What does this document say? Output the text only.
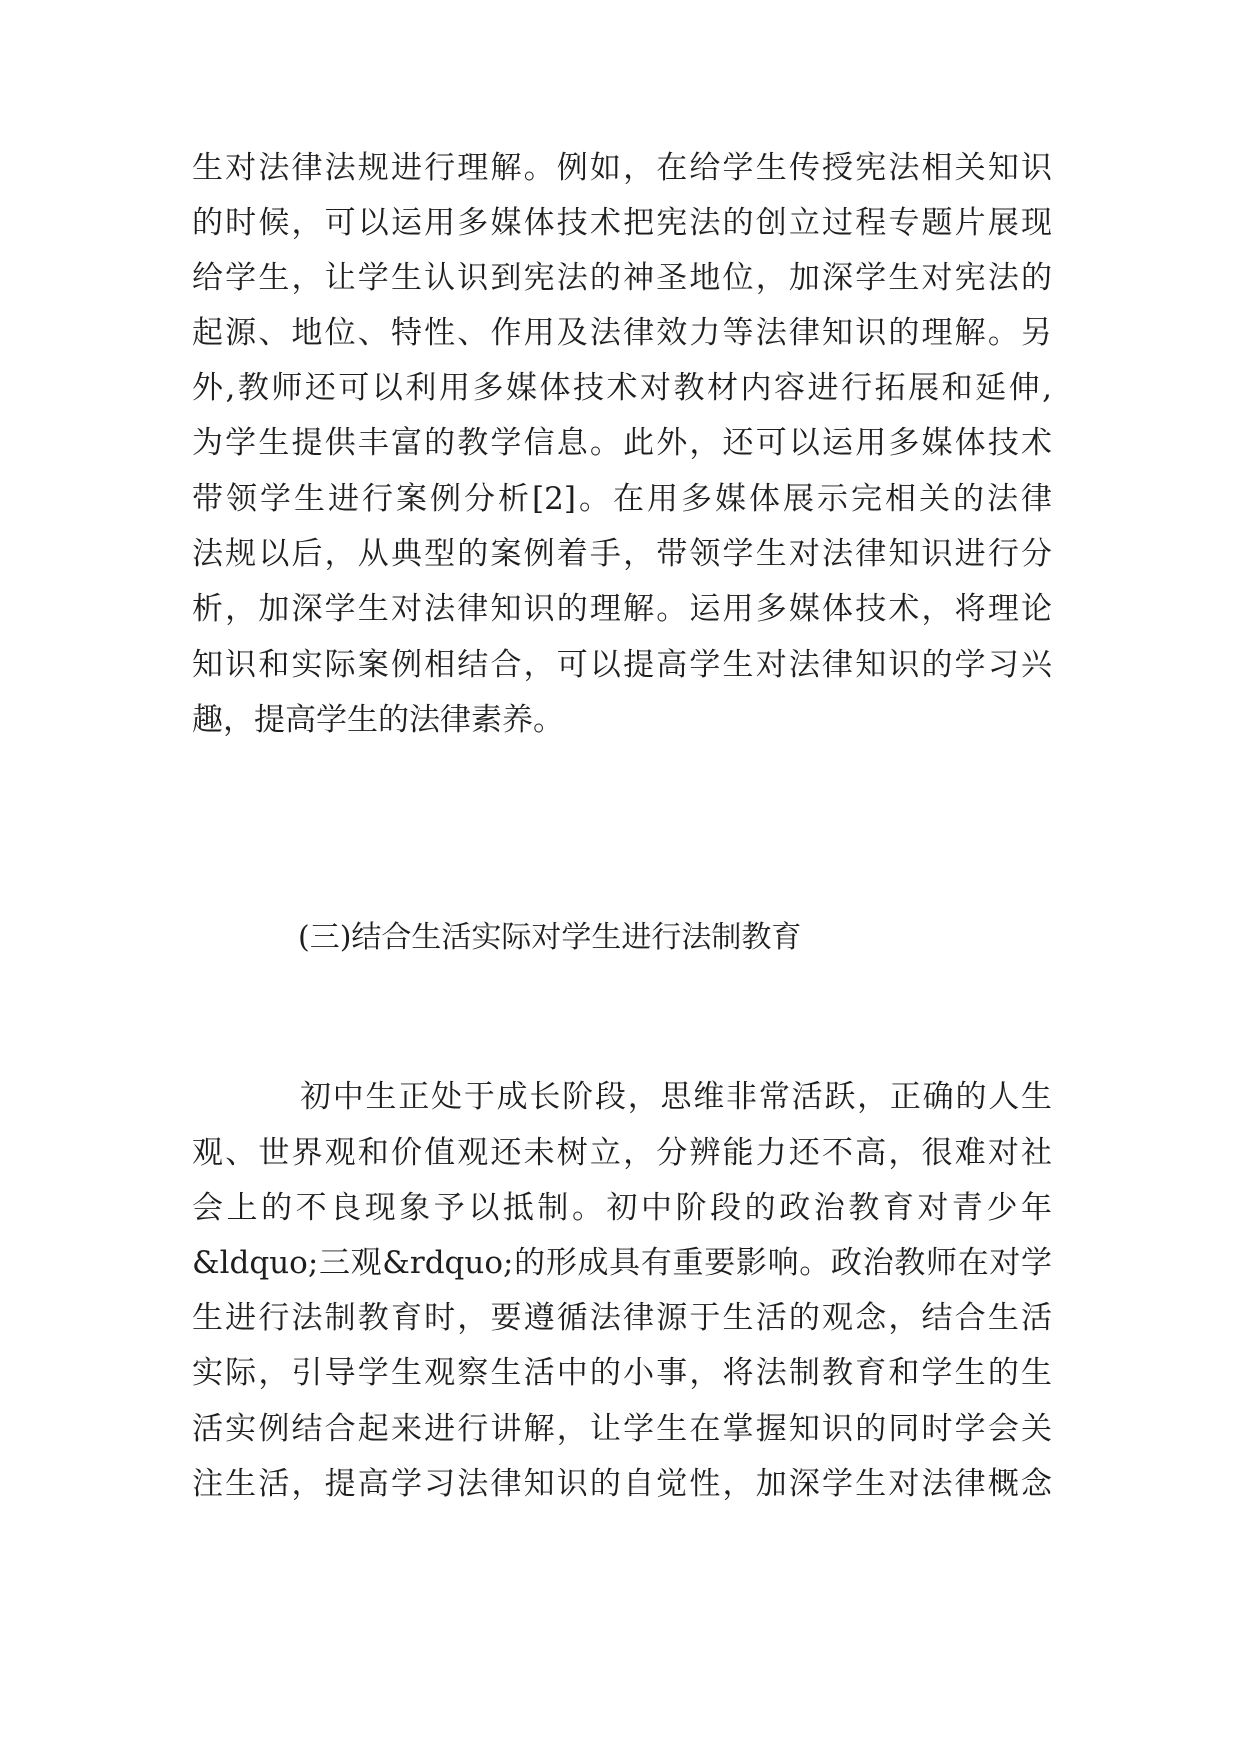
生对法律法规进行理解。例如，在给学生传授宪法相关知识
的时候，可以运用多媒体技术把宪法的创立过程专题片展现
给学生，让学生认识到宪法的神圣地位，加深学生对宪法的
起源、地位、特性、作用及法律效力等法律知识的理解。另
外,教师还可以利用多媒体技术对教材内容进行拓展和延伸,
为学生提供丰富的教学信息。此外，还可以运用多媒体技术
带领学生进行案例分析[2]。在用多媒体展示完相关的法律
法规以后，从典型的案例着手，带领学生对法律知识进行分
析，加深学生对法律知识的理解。运用多媒体技术，将理论
知识和实际案例相结合，可以提高学生对法律知识的学习兴
趣，提高学生的法律素养。
(三)结合生活实际对学生进行法制教育
初中生正处于成长阶段，思维非常活跃，正确的人生
观、世界观和价值观还未树立，分辨能力还不高，很难对社
会上的不良现象予以抵制。初中阶段的政治教育对青少年
&ldquo;三观&rdquo;的形成具有重要影响。政治教师在对学
生进行法制教育时，要遵循法律源于生活的观念，结合生活
实际，引导学生观察生活中的小事，将法制教育和学生的生
活实例结合起来进行讲解，让学生在掌握知识的同时学会关
注生活，提高学习法律知识的自觉性，加深学生对法律概念
